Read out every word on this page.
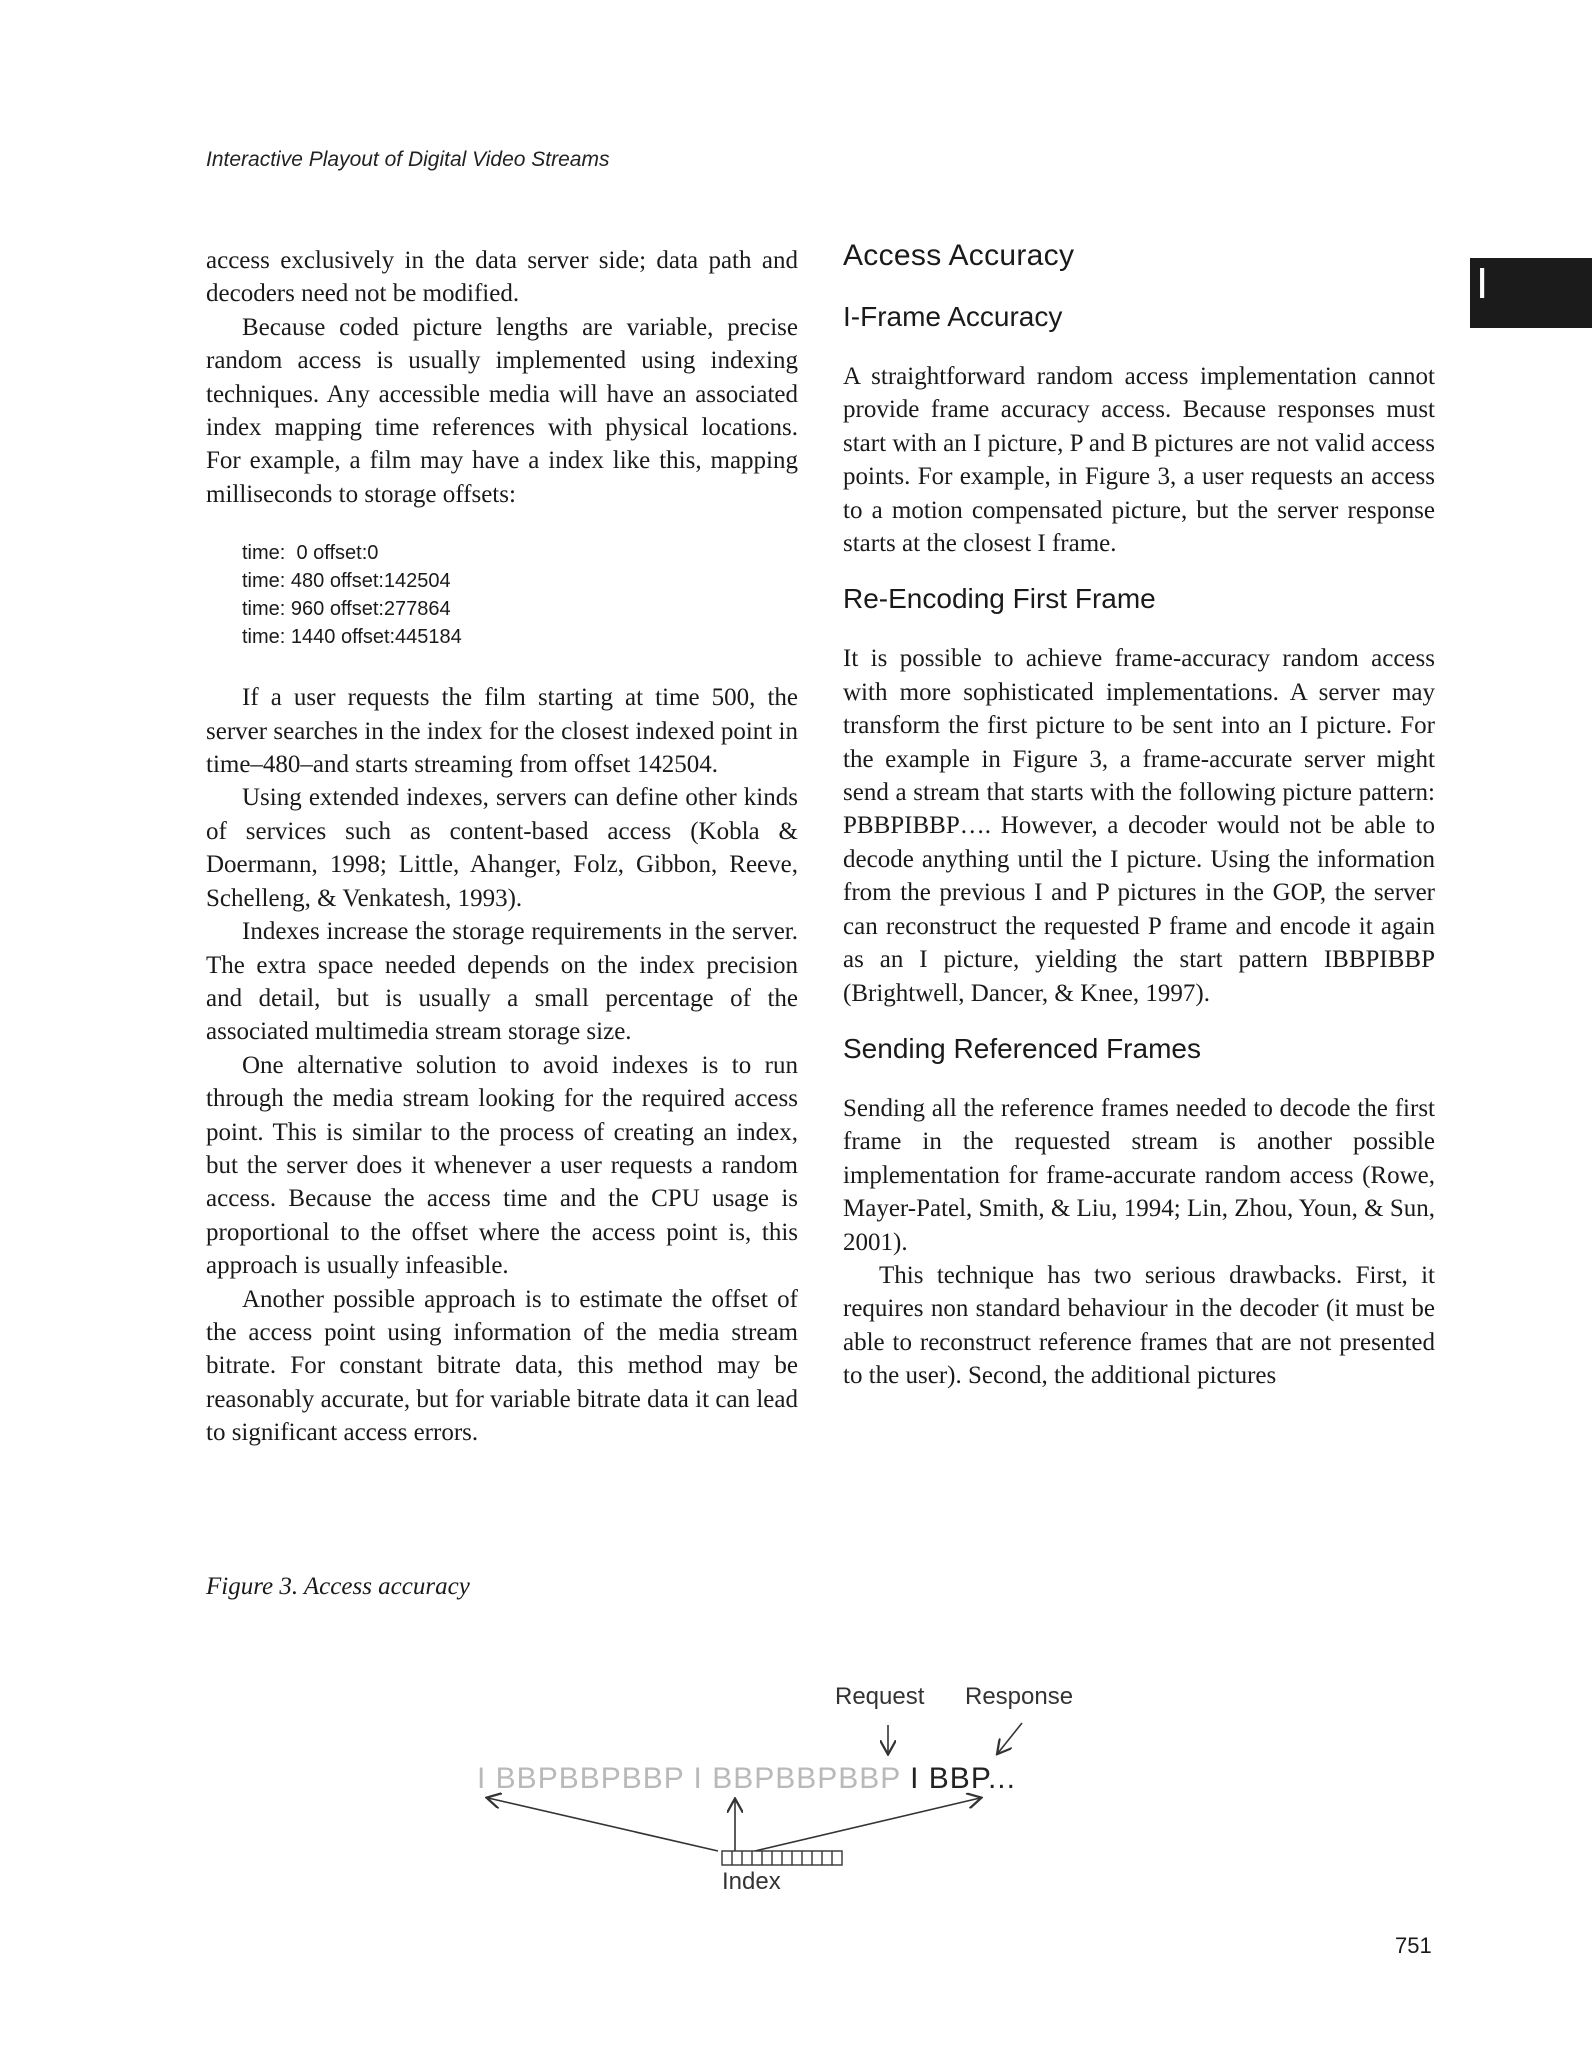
Interactive Playout of Digital Video Streams
I

access exclusively in the data server side; data path and decoders need not be modified.

Because coded picture lengths are variable, precise random access is usually implemented using indexing techniques. Any accessible media will have an associated index mapping time references with physical locations. For example, a film may have a index like this, mapping milliseconds to storage offsets:

time:  0 offset:0
time: 480 offset:142504
time: 960 offset:277864
time: 1440 offset:445184

If a user requests the film starting at time 500, the server searches in the index for the closest indexed point in time–480–and starts streaming from offset 142504.

Using extended indexes, servers can define other kinds of services such as content-based access (Kobla & Doermann, 1998; Little, Ahanger, Folz, Gibbon, Reeve, Schelleng, & Venkatesh, 1993).

Indexes increase the storage requirements in the server. The extra space needed depends on the index precision and detail, but is usually a small percentage of the associated multimedia stream storage size.

One alternative solution to avoid indexes is to run through the media stream looking for the required access point. This is similar to the process of creating an index, but the server does it whenever a user requests a random access. Because the access time and the CPU usage is proportional to the offset where the access point is, this approach is usually infeasible.

Another possible approach is to estimate the offset of the access point using information of the media stream bitrate. For constant bitrate data, this method may be reasonably accurate, but for variable bitrate data it can lead to significant access errors.

Access Accuracy
I-Frame Accuracy

A straightforward random access implementation cannot provide frame accuracy access. Because responses must start with an I picture, P and B pictures are not valid access points. For example, in Figure 3, a user requests an access to a motion compensated picture, but the server response starts at the closest I frame.

Re-Encoding First Frame

It is possible to achieve frame-accuracy random access with more sophisticated implementations. A server may transform the first picture to be sent into an I picture. For the example in Figure 3, a frame-accurate server might send a stream that starts with the following picture pattern: PBBPIBBP…. However, a decoder would not be able to decode anything until the I picture. Using the information from the previous I and P pictures in the GOP, the server can reconstruct the requested P frame and encode it again as an I picture, yielding the start pattern IBBPIBBP (Brightwell, Dancer, & Knee, 1997).

Sending Referenced Frames

Sending all the reference frames needed to decode the first frame in the requested stream is another possible implementation for frame-accurate random access (Rowe, Mayer-Patel, Smith, & Liu, 1994; Lin, Zhou, Youn, & Sun, 2001).

This technique has two serious drawbacks. First, it requires non standard behaviour in the decoder (it must be able to reconstruct reference frames that are not presented to the user). Second, the additional pictures

Figure 3. Access accuracy
Request Response
I BBPBBPBBP I BBPBBPBBP I BBP...
Index
751
